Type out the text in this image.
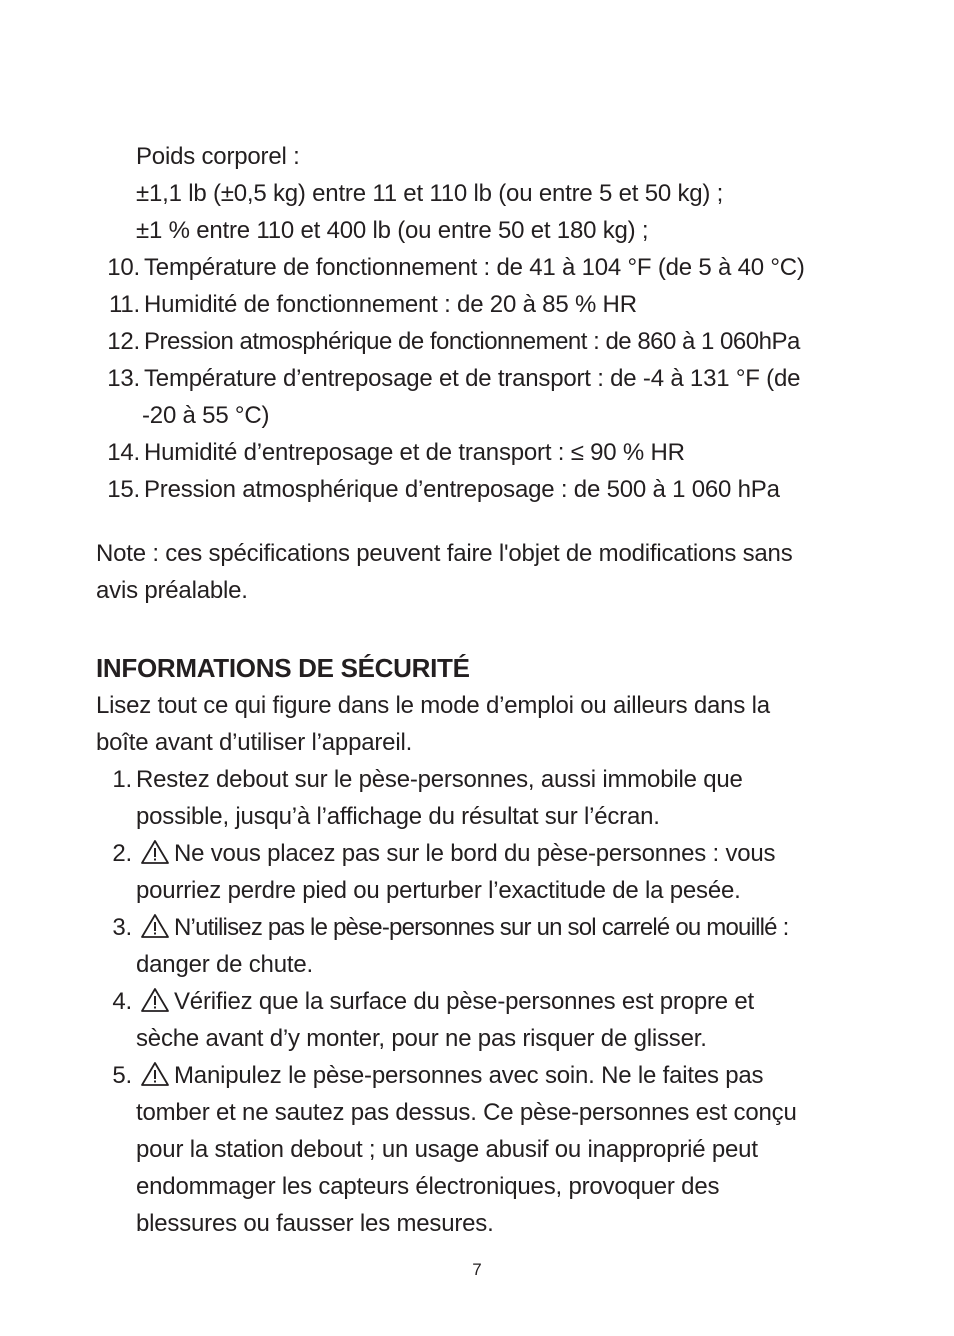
Poids corporel :
±1,1 lb (±0,5 kg) entre 11 et 110 lb (ou entre 5 et 50 kg) ;
±1 % entre 110 et 400 lb (ou entre 50 et 180 kg) ;
10. Température de fonctionnement : de 41 à 104 °F (de 5 à 40 °C)
11. Humidité de fonctionnement : de 20 à 85 % HR
12. Pression atmosphérique de fonctionnement : de 860 à 1 060hPa
13. Température d’entreposage et de transport : de -4 à 131 °F (de
-20 à 55 °C)
14. Humidité d’entreposage et de transport : ≤ 90 % HR
15. Pression atmosphérique d’entreposage : de 500 à 1 060 hPa
Note : ces spécifications peuvent faire l'objet de modifications sans
avis préalable.
INFORMATIONS DE SÉCURITÉ
Lisez tout ce qui figure dans le mode d’emploi ou ailleurs dans la
boîte avant d’utiliser l’appareil.
1. Restez debout sur le pèse-personnes, aussi immobile que
possible, jusqu’à l’affichage du résultat sur l’écran.
2.	Ne vous placez pas sur le bord du pèse-personnes : vous
pourriez perdre pied ou perturber l’exactitude de la pesée.
3.	N’utilisez pas le pèse-personnes sur un sol carrelé ou mouillé :
danger de chute.
4.	Vérifiez que la surface du pèse-personnes est propre et
sèche avant d’y monter, pour ne pas risquer de glisser.
5.	Manipulez le pèse-personnes avec soin. Ne le faites pas
tomber et ne sautez pas dessus. Ce pèse-personnes est conçu
pour la station debout ; un usage abusif ou inapproprié peut
endommager les capteurs électroniques, provoquer des
blessures ou fausser les mesures.
7
